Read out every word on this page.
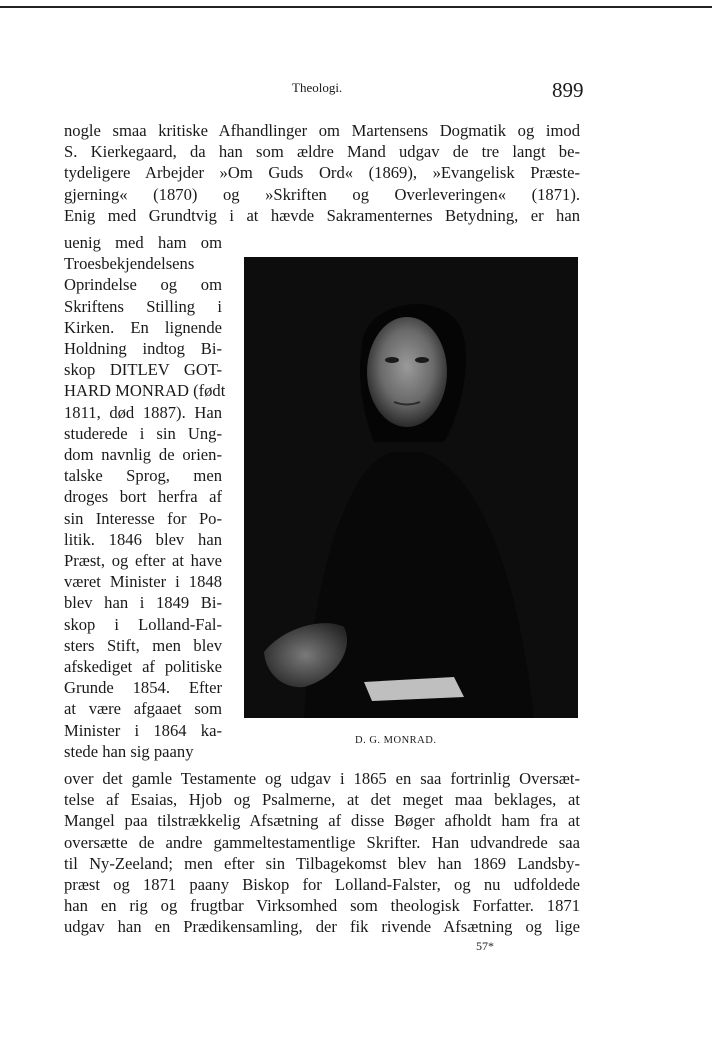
Theologi.	899
nogle smaa kritiske Afhandlinger om Martensens Dogmatik og imod
S. Kierkegaard, da han som ældre Mand udgav de tre langt be-
tydeligere Arbejder »Om Guds Ord« (1869), »Evangelisk Præste-
gjerning« (1870) og »Skriften og Overleveringen« (1871).
Enig med Grundtvig i at hævde Sakramenternes Betydning, er han
uenig med ham om
Troesbekjendelsens
Oprindelse og om
Skriftens Stilling i
Kirken. En lignende
Holdning indtog Bi-
skop DITLEV GOT-
HARD MONRAD (født
1811, død 1887). Han
studerede i sin Ung-
dom navnlig de orien-
talske Sprog, men
droges bort herfra af
sin Interesse for Po-
litik. 1846 blev han
Præst, og efter at have
været Minister i 1848
blev han i 1849 Bi-
skop i Lolland-Fal-
sters Stift, men blev
afskediget af politiske
Grunde 1854. Efter
at være afgaaet som
Minister i 1864 ka-
stede han sig paany
D. G. MONRAD.
over det gamle Testamente og udgav i 1865 en saa fortrinlig Oversæt-
telse af Esaias, Hjob og Psalmerne, at det meget maa beklages, at
Mangel paa tilstrækkelig Afsætning af disse Bøger afholdt ham fra at
oversætte de andre gammeltestamentlige Skrifter. Han udvandrede saa
til Ny-Zeeland; men efter sin Tilbagekomst blev han 1869 Landsby-
præst og 1871 paany Biskop for Lolland-Falster, og nu udfoldede
han en rig og frugtbar Virksomhed som theologisk Forfatter. 1871
udgav han en Prædikensamling, der fik rivende Afsætning og lige
57*
